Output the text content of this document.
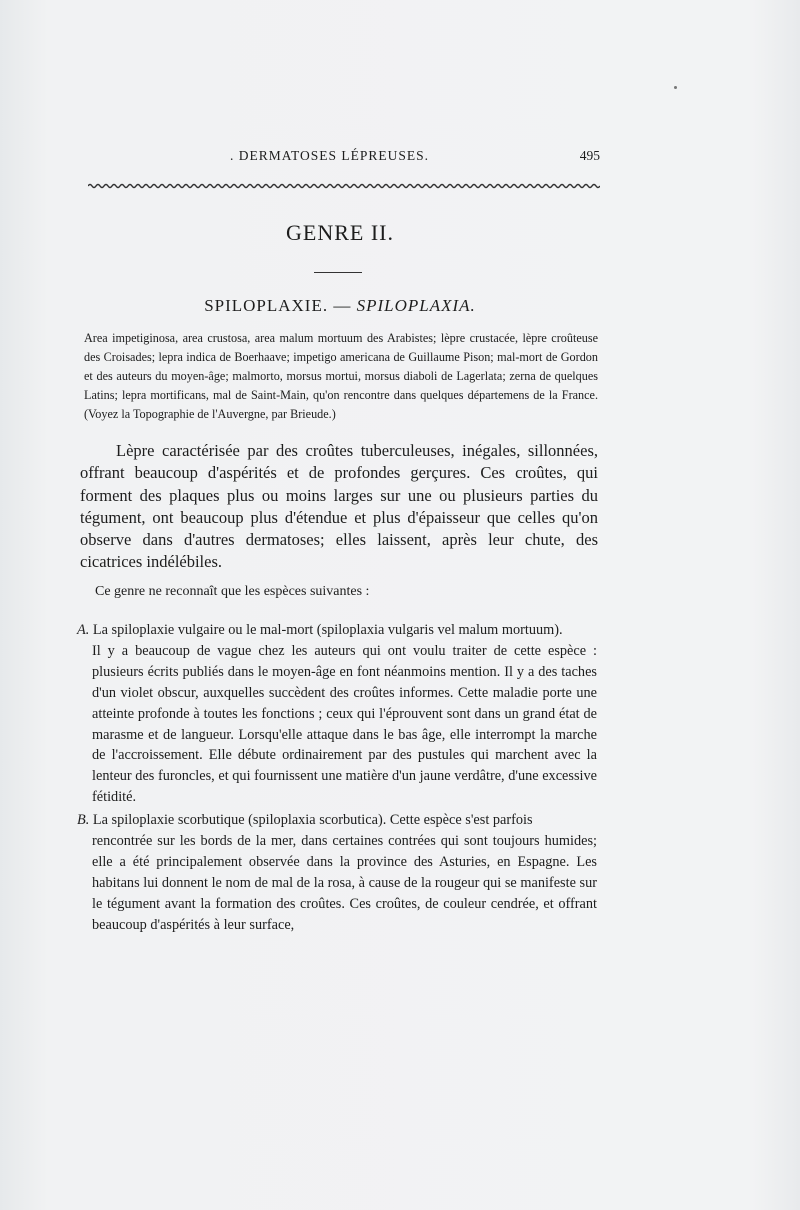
. DERMATOSES LÉPREUSES.	495
GENRE II.
SPILOPLAXIE. — SPILOPLAXIA.

Area impetiginosa, area crustosa, area malum mortuum des Arabistes; lèpre crustacée, lèpre croûteuse des Croisades; lepra indica de Boerhaave; impetigo americana de Guillaume Pison; mal-mort de Gordon et des auteurs du moyen-âge; malmorto, morsus mortui, morsus diaboli de Lagerlata; zerna de quelques Latins; lepra mortificans, mal de Saint-Main, qu'on rencontre dans quelques départemens de la France. (Voyez la Topographie de l'Auvergne, par Brieude.)

Lèpre caractérisée par des croûtes tuberculeuses, inégales, sillonnées, offrant beaucoup d'aspérités et de profondes gerçures. Ces croûtes, qui forment des plaques plus ou moins larges sur une ou plusieurs parties du tégument, ont beaucoup plus d'étendue et plus d'épaisseur que celles qu'on observe dans d'autres dermatoses; elles laissent, après leur chute, des cicatrices indélébiles.

Ce genre ne reconnaît que les espèces suivantes :
A. La spiloplaxie vulgaire ou le mal-mort (spiloplaxia vulgaris vel malum mortuum).
Il y a beaucoup de vague chez les auteurs qui ont voulu traiter de cette espèce : plusieurs écrits publiés dans le moyen-âge en font néanmoins mention. Il y a des taches d'un violet obscur, auxquelles succèdent des croûtes informes. Cette maladie porte une atteinte profonde à toutes les fonctions ; ceux qui l'éprouvent sont dans un grand état de marasme et de langueur. Lorsqu'elle attaque dans le bas âge, elle interrompt la marche de l'accroissement. Elle débute ordinairement par des pustules qui marchent avec la lenteur des furoncles, et qui fournissent une matière d'un jaune verdâtre, d'une excessive fétidité.
B. La spiloplaxie scorbutique (spiloplaxia scorbutica). Cette espèce s'est parfois
rencontrée sur les bords de la mer, dans certaines contrées qui sont toujours humides; elle a été principalement observée dans la province des Asturies, en Espagne. Les habitans lui donnent le nom de mal de la rosa, à cause de la rougeur qui se manifeste sur le tégument avant la formation des croûtes. Ces croûtes, de couleur cendrée, et offrant beaucoup d'aspérités à leur surface,
